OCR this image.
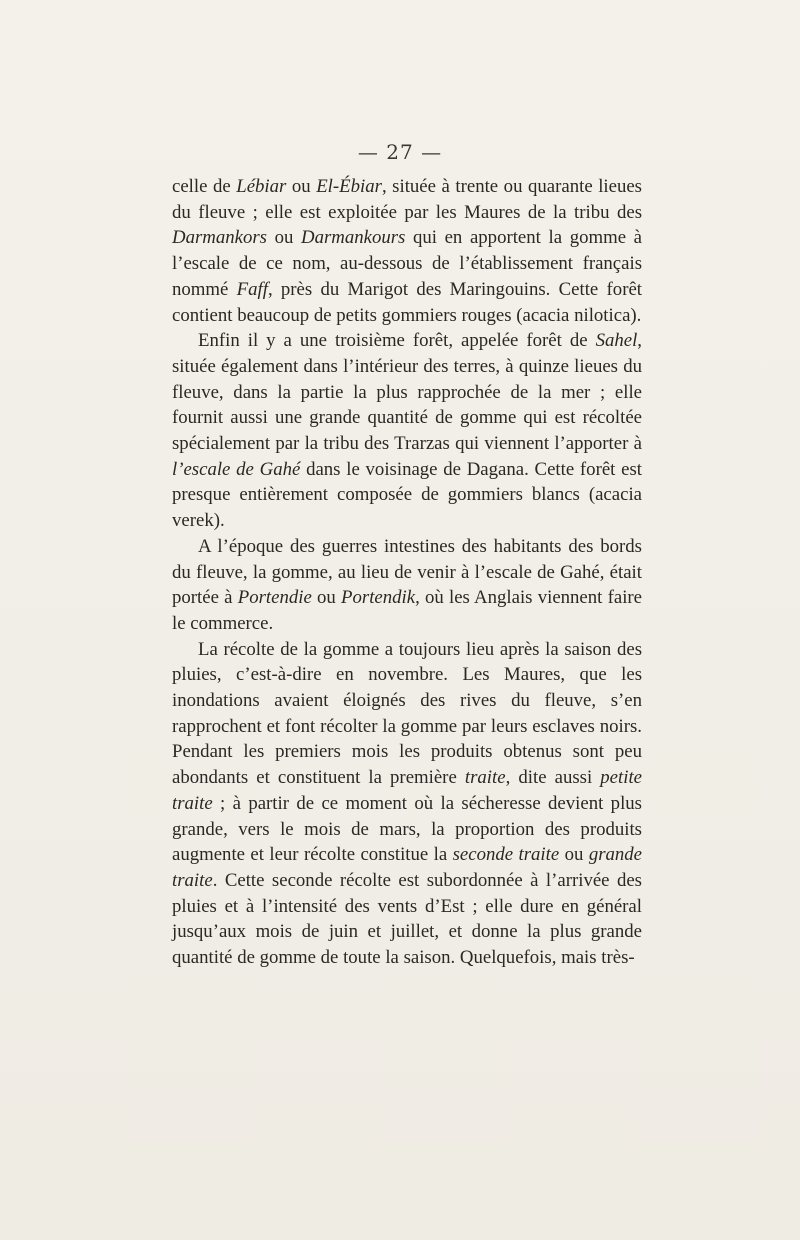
— 27 —

celle de Lébiar ou El-Ébiar, située à trente ou quarante lieues du fleuve ; elle est exploitée par les Maures de la tribu des Darmankors ou Darmankours qui en apportent la gomme à l’escale de ce nom, au-dessous de l’établissement français nommé Faff, près du Marigot des Maringouins. Cette forêt contient beaucoup de petits gommiers rouges (acacia nilotica).

Enfin il y a une troisième forêt, appelée forêt de Sahel, située également dans l’intérieur des terres, à quinze lieues du fleuve, dans la partie la plus rapprochée de la mer ; elle fournit aussi une grande quantité de gomme qui est récoltée spécialement par la tribu des Trarzas qui viennent l’apporter à l’escale de Gahé dans le voisinage de Dagana. Cette forêt est presque entièrement composée de gommiers blancs (acacia verek).

A l’époque des guerres intestines des habitants des bords du fleuve, la gomme, au lieu de venir à l’escale de Gahé, était portée à Portendie ou Portendik, où les Anglais viennent faire le commerce.

La récolte de la gomme a toujours lieu après la saison des pluies, c’est-à-dire en novembre. Les Maures, que les inondations avaient éloignés des rives du fleuve, s’en rapprochent et font récolter la gomme par leurs esclaves noirs. Pendant les premiers mois les produits obtenus sont peu abondants et constituent la première traite, dite aussi petite traite ; à partir de ce moment où la sécheresse devient plus grande, vers le mois de mars, la proportion des produits augmente et leur récolte constitue la seconde traite ou grande traite. Cette seconde récolte est subordonnée à l’arrivée des pluies et à l’intensité des vents d’Est ; elle dure en général jusqu’aux mois de juin et juillet, et donne la plus grande quantité de gomme de toute la saison. Quelquefois, mais très-
